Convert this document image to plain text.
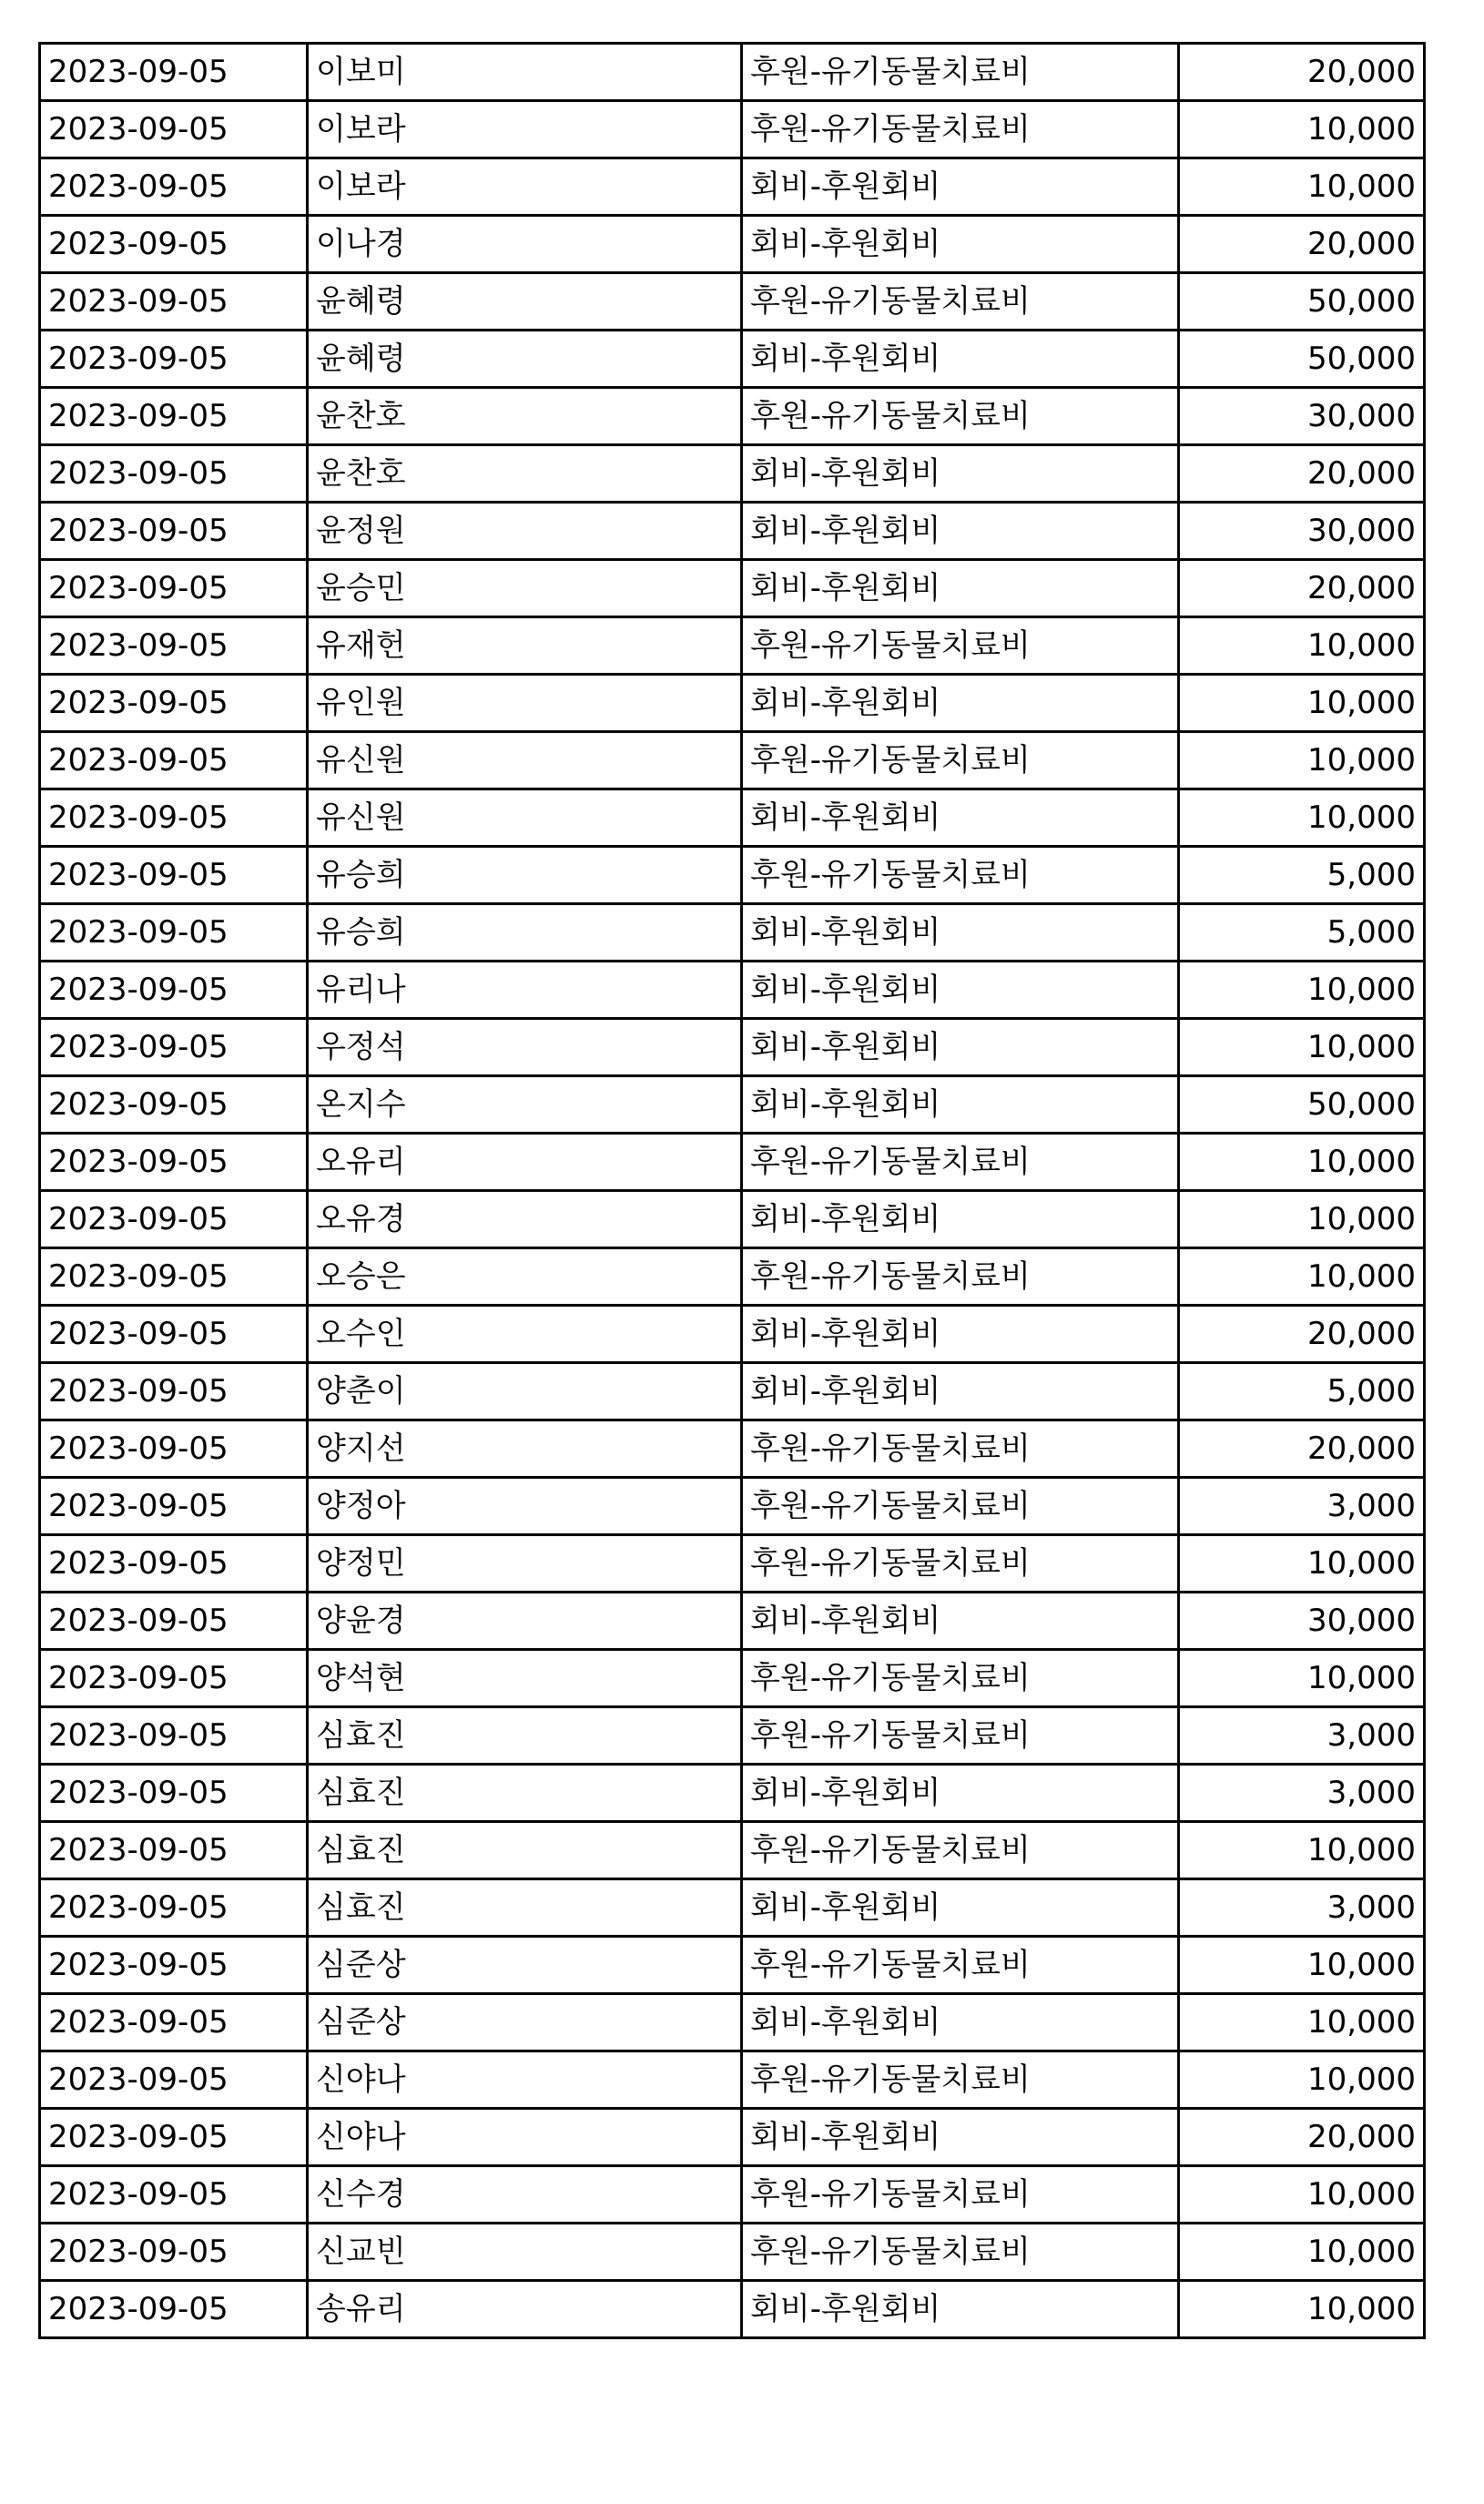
2023-09-05	이보미	후원-유기동물치료비	20,000
2023-09-05	이보라	후원-유기동물치료비	10,000
2023-09-05	이보라	회비-후원회비	10,000
2023-09-05	이나경	회비-후원회비	20,000
2023-09-05	윤혜령	후원-유기동물치료비	50,000
2023-09-05	윤혜령	회비-후원회비	50,000
2023-09-05	윤찬호	후원-유기동물치료비	30,000
2023-09-05	윤찬호	회비-후원회비	20,000
2023-09-05	윤정원	회비-후원회비	30,000
2023-09-05	윤승민	회비-후원회비	20,000
2023-09-05	유재헌	후원-유기동물치료비	10,000
2023-09-05	유인원	회비-후원회비	10,000
2023-09-05	유신원	후원-유기동물치료비	10,000
2023-09-05	유신원	회비-후원회비	10,000
2023-09-05	유승희	후원-유기동물치료비	5,000
2023-09-05	유승희	회비-후원회비	5,000
2023-09-05	유리나	회비-후원회비	10,000
2023-09-05	우정석	회비-후원회비	10,000
2023-09-05	온지수	회비-후원회비	50,000
2023-09-05	오유리	후원-유기동물치료비	10,000
2023-09-05	오유경	회비-후원회비	10,000
2023-09-05	오승은	후원-유기동물치료비	10,000
2023-09-05	오수인	회비-후원회비	20,000
2023-09-05	양춘이	회비-후원회비	5,000
2023-09-05	양지선	후원-유기동물치료비	20,000
2023-09-05	양정아	후원-유기동물치료비	3,000
2023-09-05	양정민	후원-유기동물치료비	10,000
2023-09-05	양윤경	회비-후원회비	30,000
2023-09-05	양석현	후원-유기동물치료비	10,000
2023-09-05	심효진	후원-유기동물치료비	3,000
2023-09-05	심효진	회비-후원회비	3,000
2023-09-05	심효진	후원-유기동물치료비	10,000
2023-09-05	심효진	회비-후원회비	3,000
2023-09-05	심준상	후원-유기동물치료비	10,000
2023-09-05	심준상	회비-후원회비	10,000
2023-09-05	신야나	후원-유기동물치료비	10,000
2023-09-05	신야나	회비-후원회비	20,000
2023-09-05	신수경	후원-유기동물치료비	10,000
2023-09-05	신교빈	후원-유기동물치료비	10,000
2023-09-05	송유리	회비-후원회비	10,000
